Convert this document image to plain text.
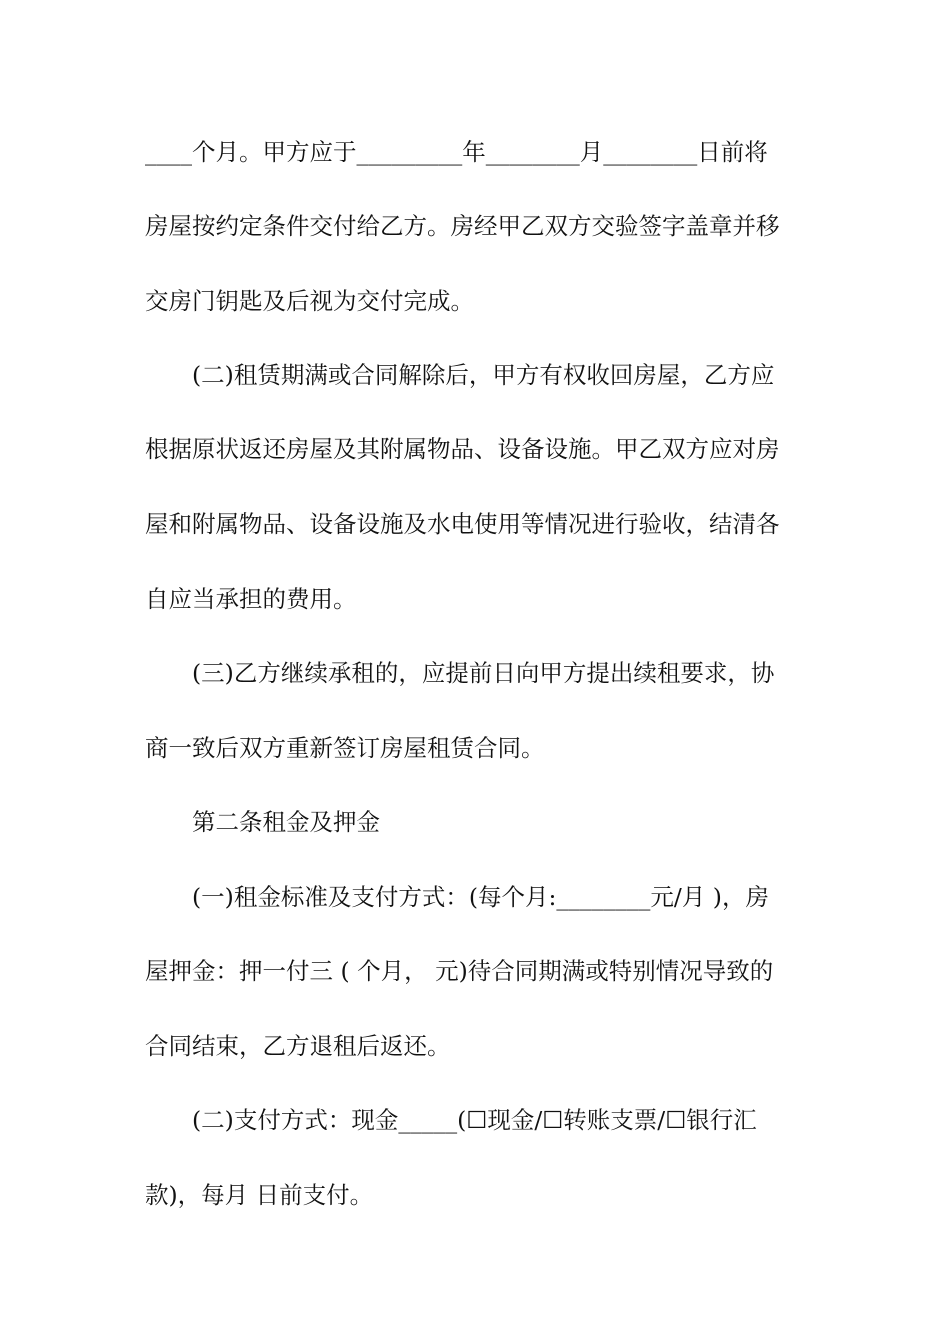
____个月。甲方应于_________年________月________日前将
房屋按约定条件交付给乙方。房经甲乙双方交验签字盖章并移
交房门钥匙及后视为交付完成。
(二)租赁期满或合同解除后，甲方有权收回房屋，乙方应
根据原状返还房屋及其附属物品、设备设施。甲乙双方应对房
屋和附属物品、设备设施及水电使用等情况进行验收，结清各
自应当承担的费用。
(三)乙方继续承租的，应提前日向甲方提出续租要求，协
商一致后双方重新签订房屋租赁合同。
第二条租金及押金
(一)租金标准及支付方式：(每个月:________元/月 )，房
屋押金：押一付三 ( 个月， 元)待合同期满或特别情况导致的
合同结束，乙方退租后返还。
(二)支付方式：现金_____(☐现金/☐转账支票/☐银行汇
款)，每月 日前支付。
